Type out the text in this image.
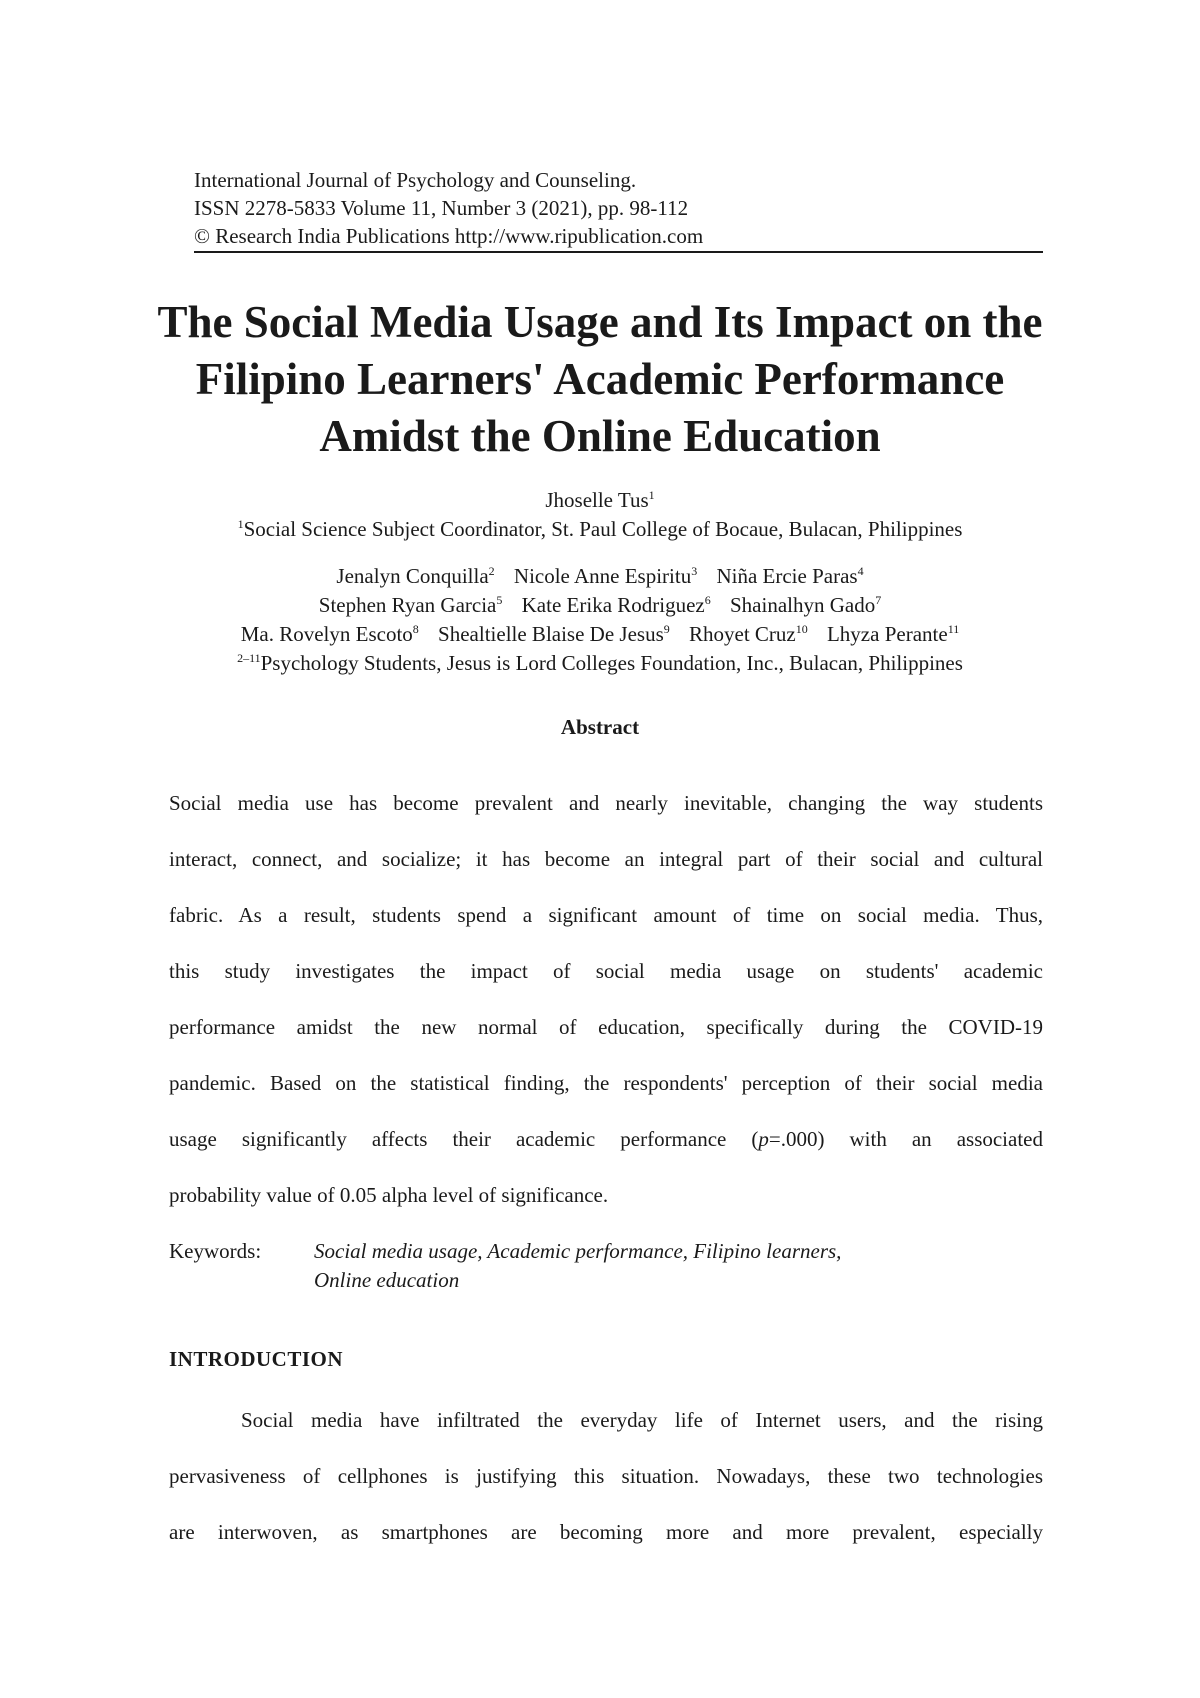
International Journal of Psychology and Counseling.
ISSN 2278-5833 Volume 11, Number 3 (2021), pp. 98-112
© Research India Publications http://www.ripublication.com
The Social Media Usage and Its Impact on the
Filipino Learners' Academic Performance
Amidst the Online Education
Jhoselle Tus$^1$
$^1$Social Science Subject Coordinator, St. Paul College of Bocaue, Bulacan, Philippines
Jenalyn Conquilla$^2$ Nicole Anne Espiritu$^3$ Niña Ercie Paras$^4$
Stephen Ryan Garcia$^5$ Kate Erika Rodriguez$^6$ Shainalhyn Gado$^7$
Ma. Rovelyn Escoto$^8$ Shealtielle Blaise De Jesus$^9$ Rhoyet Cruz$^{10}$ Lhyza Perante$^{11}$
$^{2-11}$Psychology Students, Jesus is Lord Colleges Foundation, Inc., Bulacan, Philippines
Abstract
Social media use has become prevalent and nearly inevitable, changing the way students
interact, connect, and socialize; it has become an integral part of their social and cultural
fabric. As a result, students spend a significant amount of time on social media. Thus,
this study investigates the impact of social media usage on students' academic
performance amidst the new normal of education, specifically during the COVID-19
pandemic. Based on the statistical finding, the respondents' perception of their social media
usage significantly affects their academic performance (p=.000) with an associated
probability value of 0.05 alpha level of significance.
Keywords:	Social media usage, Academic performance, Filipino learners,
Online education
INTRODUCTION
Social media have infiltrated the everyday life of Internet users, and the rising
pervasiveness of cellphones is justifying this situation. Nowadays, these two technologies
are interwoven, as smartphones are becoming more and more prevalent, especially
